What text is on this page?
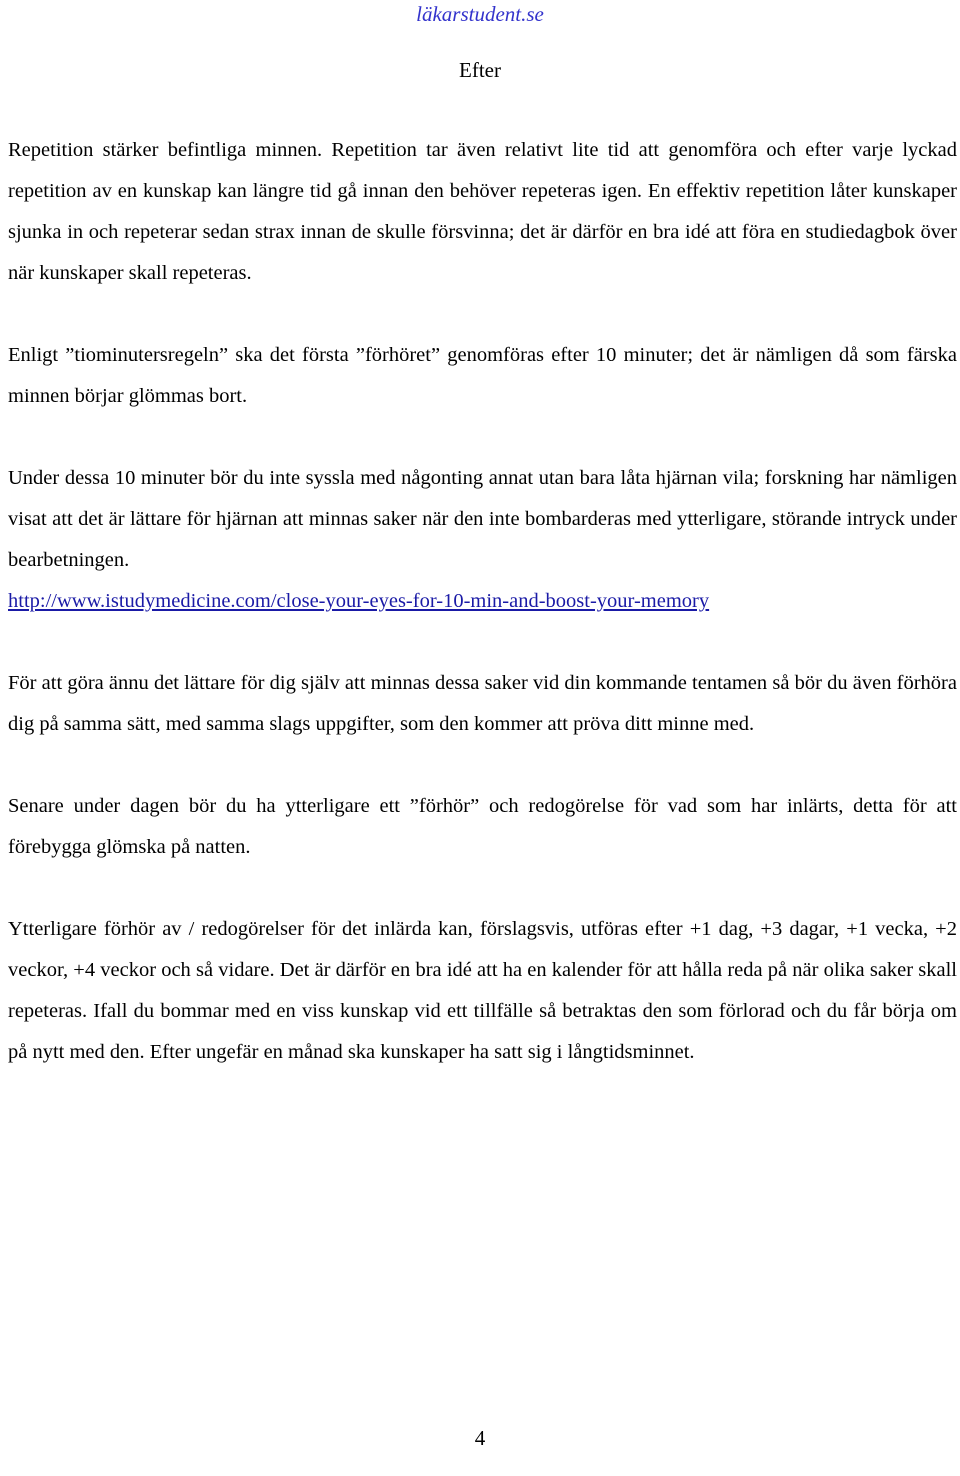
läkarstudent.se
Efter

Repetition stärker befintliga minnen. Repetition tar även relativt lite tid att genomföra och efter varje lyckad repetition av en kunskap kan längre tid gå innan den behöver repeteras igen. En effektiv repetition låter kunskaper sjunka in och repeterar sedan strax innan de skulle försvinna; det är därför en bra idé att föra en studiedagbok över när kunskaper skall repeteras.

Enligt ”tiominutersregeln” ska det första ”förhöret” genomföras efter 10 minuter; det är nämligen då som färska minnen börjar glömmas bort.

Under dessa 10 minuter bör du inte syssla med någonting annat utan bara låta hjärnan vila; forskning har nämligen visat att det är lättare för hjärnan att minnas saker när den inte bombarderas med ytterligare, störande intryck under bearbetningen.

http://www.istudymedicine.com/close-your-eyes-for-10-min-and-boost-your-memory

För att göra ännu det lättare för dig själv att minnas dessa saker vid din kommande tentamen så bör du även förhöra dig på samma sätt, med samma slags uppgifter, som den kommer att pröva ditt minne med.

Senare under dagen bör du ha ytterligare ett ”förhör” och redogörelse för vad som har inlärts, detta för att förebygga glömska på natten.

Ytterligare förhör av / redogörelser för det inlärda kan, förslagsvis, utföras efter +1 dag, +3 dagar, +1 vecka, +2 veckor, +4 veckor och så vidare. Det är därför en bra idé att ha en kalender för att hålla reda på när olika saker skall repeteras. Ifall du bommar med en viss kunskap vid ett tillfälle så betraktas den som förlorad och du får börja om på nytt med den. Efter ungefär en månad ska kunskaper ha satt sig i långtidsminnet.

4
